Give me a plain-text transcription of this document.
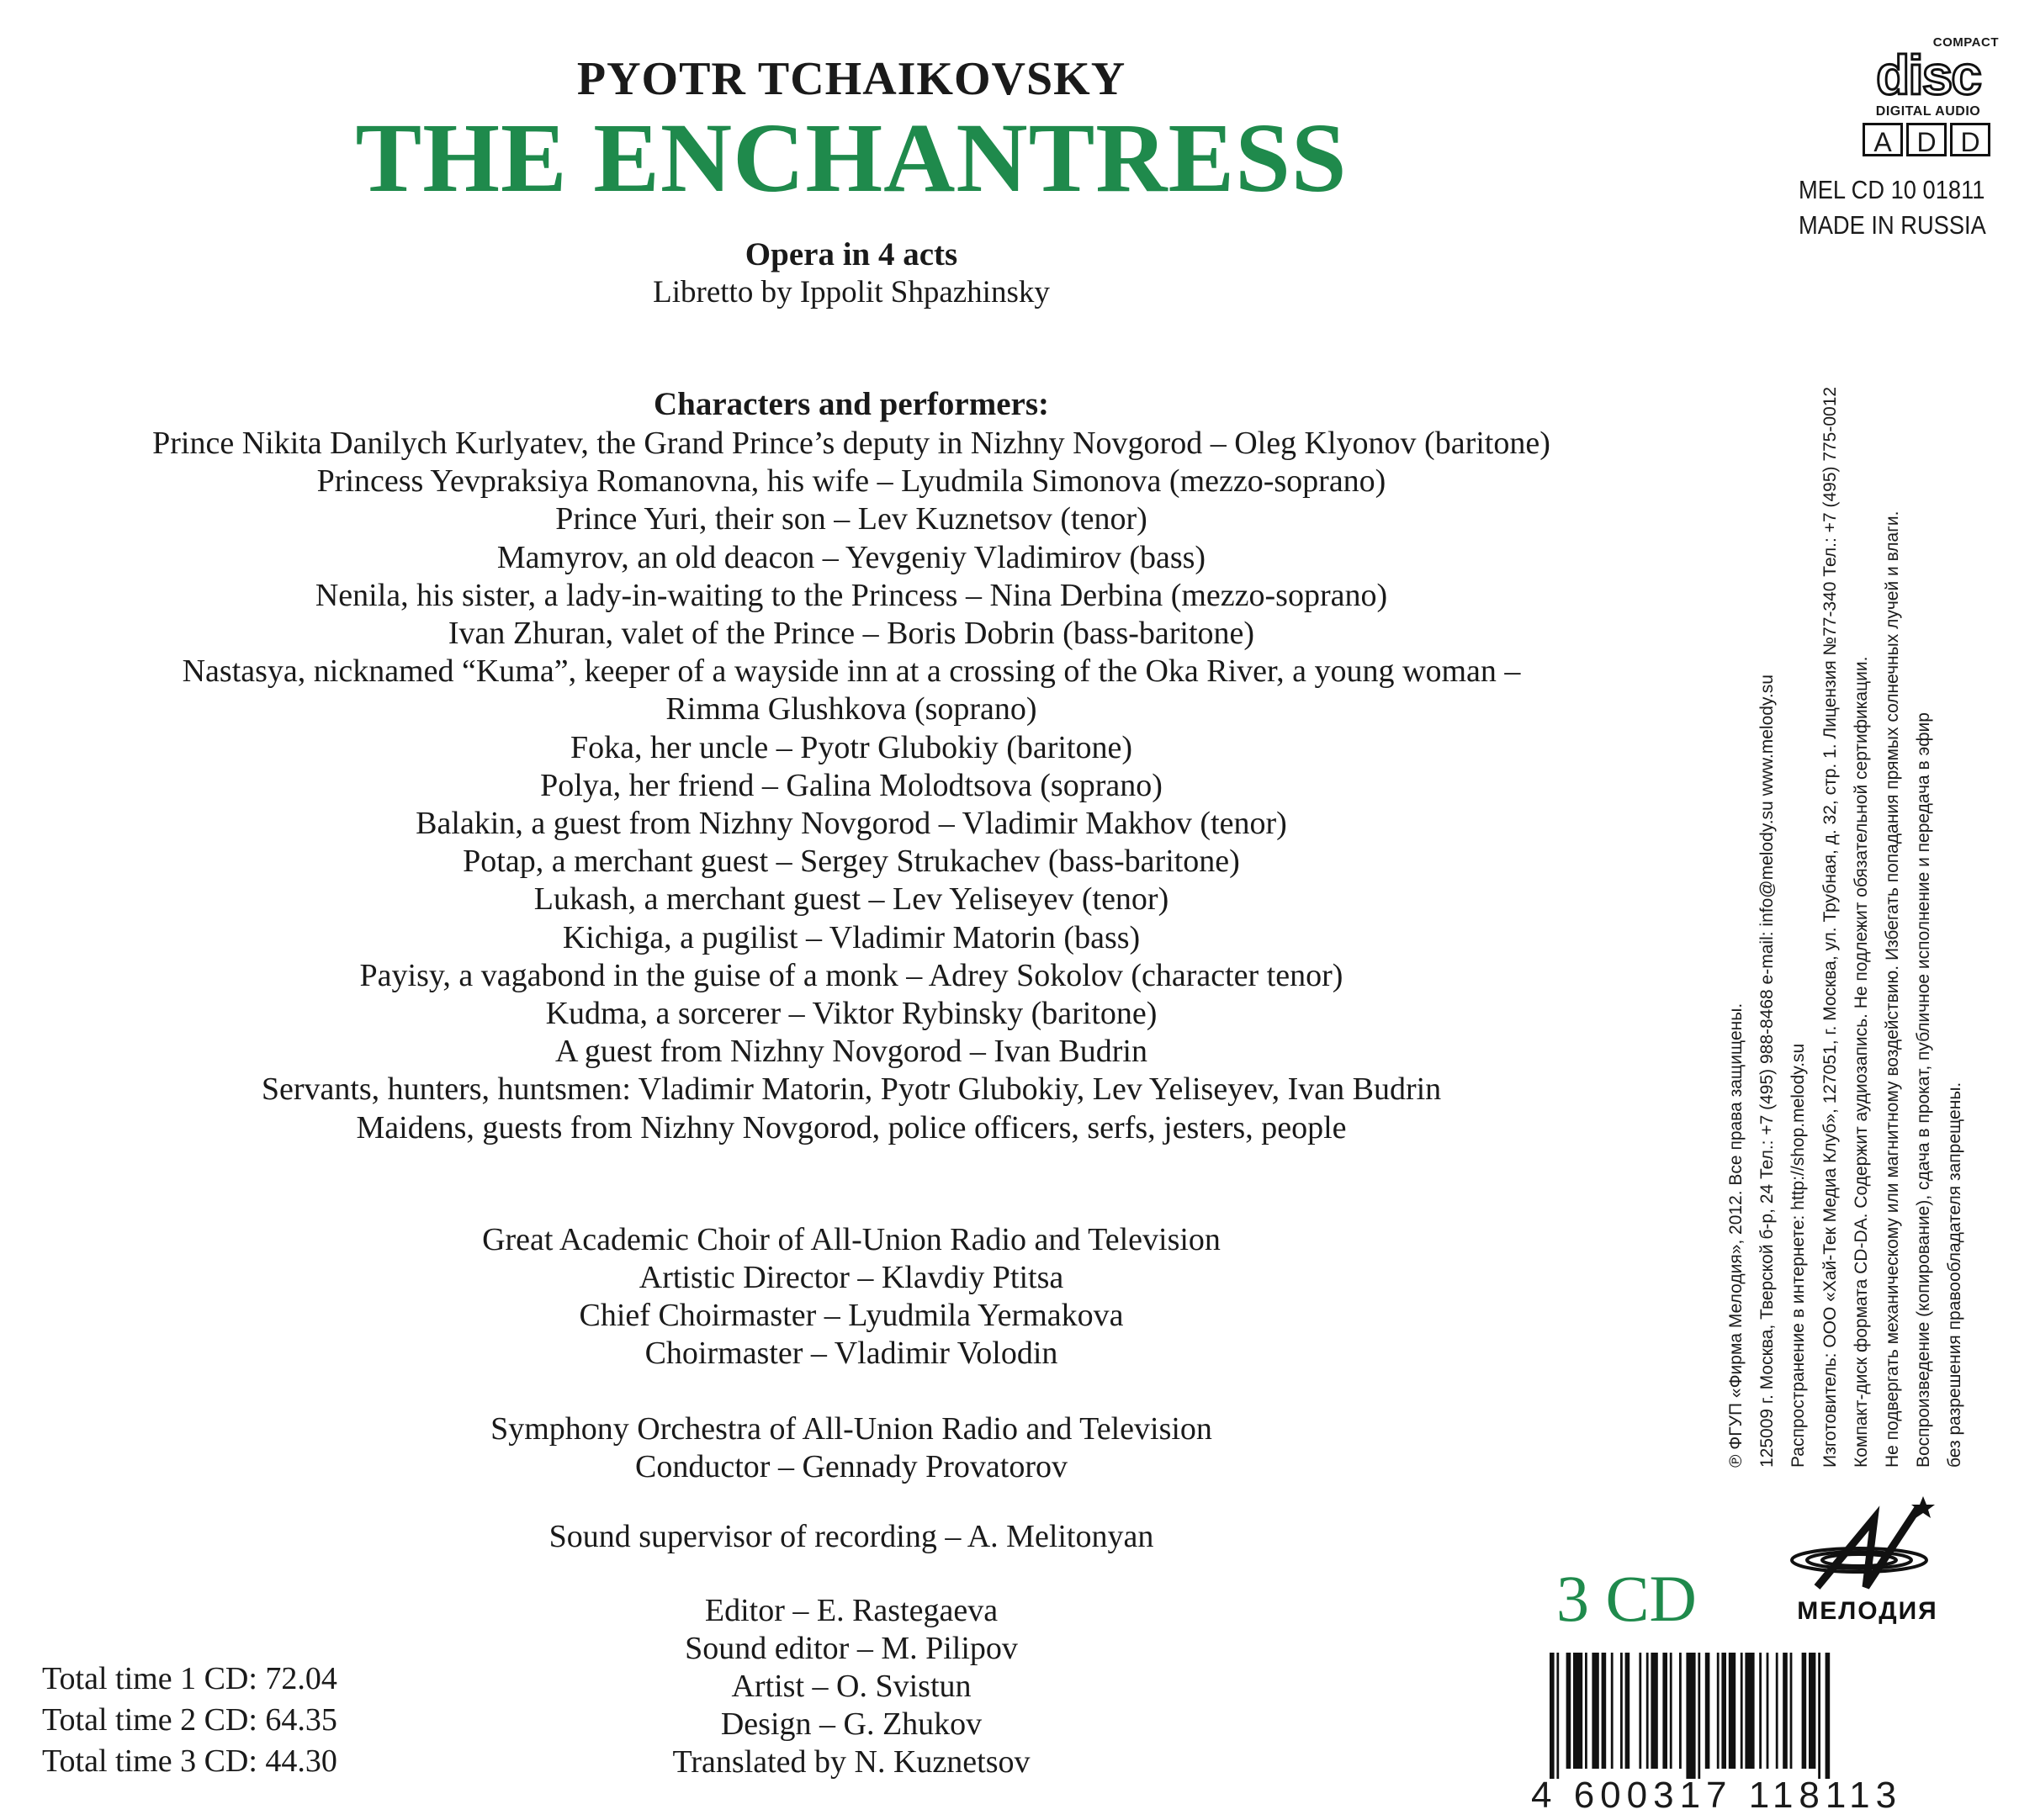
PYOTR TCHAIKOVSKY
THE ENCHANTRESS
Opera in 4 acts
Libretto by Ippolit Shpazhinsky
Characters and performers:
Prince Nikita Danilych Kurlyatev, the Grand Prince’s deputy in Nizhny Novgorod – Oleg Klyonov (baritone)
Princess Yevpraksiya Romanovna, his wife – Lyudmila Simonova (mezzo-soprano)
Prince Yuri, their son – Lev Kuznetsov (tenor)
Mamyrov, an old deacon – Yevgeniy Vladimirov (bass)
Nenila, his sister, a lady-in-waiting to the Princess – Nina Derbina (mezzo-soprano)
Ivan Zhuran, valet of the Prince – Boris Dobrin (bass-baritone)
Nastasya, nicknamed “Kuma”, keeper of a wayside inn at a crossing of the Oka River, a young woman –
Rimma Glushkova (soprano)
Foka, her uncle – Pyotr Glubokiy (baritone)
Polya, her friend – Galina Molodtsova (soprano)
Balakin, a guest from Nizhny Novgorod – Vladimir Makhov (tenor)
Potap, a merchant guest – Sergey Strukachev (bass-baritone)
Lukash, a merchant guest – Lev Yeliseyev (tenor)
Kichiga, a pugilist – Vladimir Matorin (bass)
Payisy, a vagabond in the guise of a monk – Adrey Sokolov (character tenor)
Kudma, a sorcerer – Viktor Rybinsky (baritone)
A guest from Nizhny Novgorod – Ivan Budrin
Servants, hunters, huntsmen: Vladimir Matorin, Pyotr Glubokiy, Lev Yeliseyev, Ivan Budrin
Maidens, guests from Nizhny Novgorod, police officers, serfs, jesters, people
Great Academic Choir of All-Union Radio and Television
Artistic Director – Klavdiy Ptitsa
Chief Choirmaster – Lyudmila Yermakova
Choirmaster – Vladimir Volodin
Symphony Orchestra of All-Union Radio and Television
Conductor – Gennady Provatorov
Sound supervisor of recording – A. Melitonyan
Editor – E. Rastegaeva
Sound editor – M. Pilipov
Artist – O. Svistun
Design – G. Zhukov
Translated by N. Kuznetsov
Total time 1 CD: 72.04
Total time 2 CD: 64.35
Total time 3 CD: 44.30
COMPACT
disc
DIGITAL AUDIO
A D D
MEL CD 10 01811
MADE IN RUSSIA
℗ ФГУП «Фирма Мелодия», 2012. Все права защищены. 125009 г. Москва, Тверской б-р, 24 Тел.: +7 (495) 988-8468 e-mail: info@melody.su www.melody.su Распространение в интернете: http://shop.melody.su Изготовитель: ООО «Хай-Тек Медиа Клуб», 127051, г. Москва, ул. Трубная, д. 32, стр. 1. Лицензия №77-340 Тел.: +7 (495) 775-0012 Компакт-диск формата CD-DA. Содержит аудиозапись. Не подлежит обязательной сертификации. Не подвергать механическому или магнитному воздействию. Избегать попадания прямых солнечных лучей и влаги. Воспроизведение (копирование), сдача в прокат, публичное исполнение и передача в эфир без разрешения правообладателя запрещены.
3 CD	МЕЛОДИЯ
4 600317 118113
